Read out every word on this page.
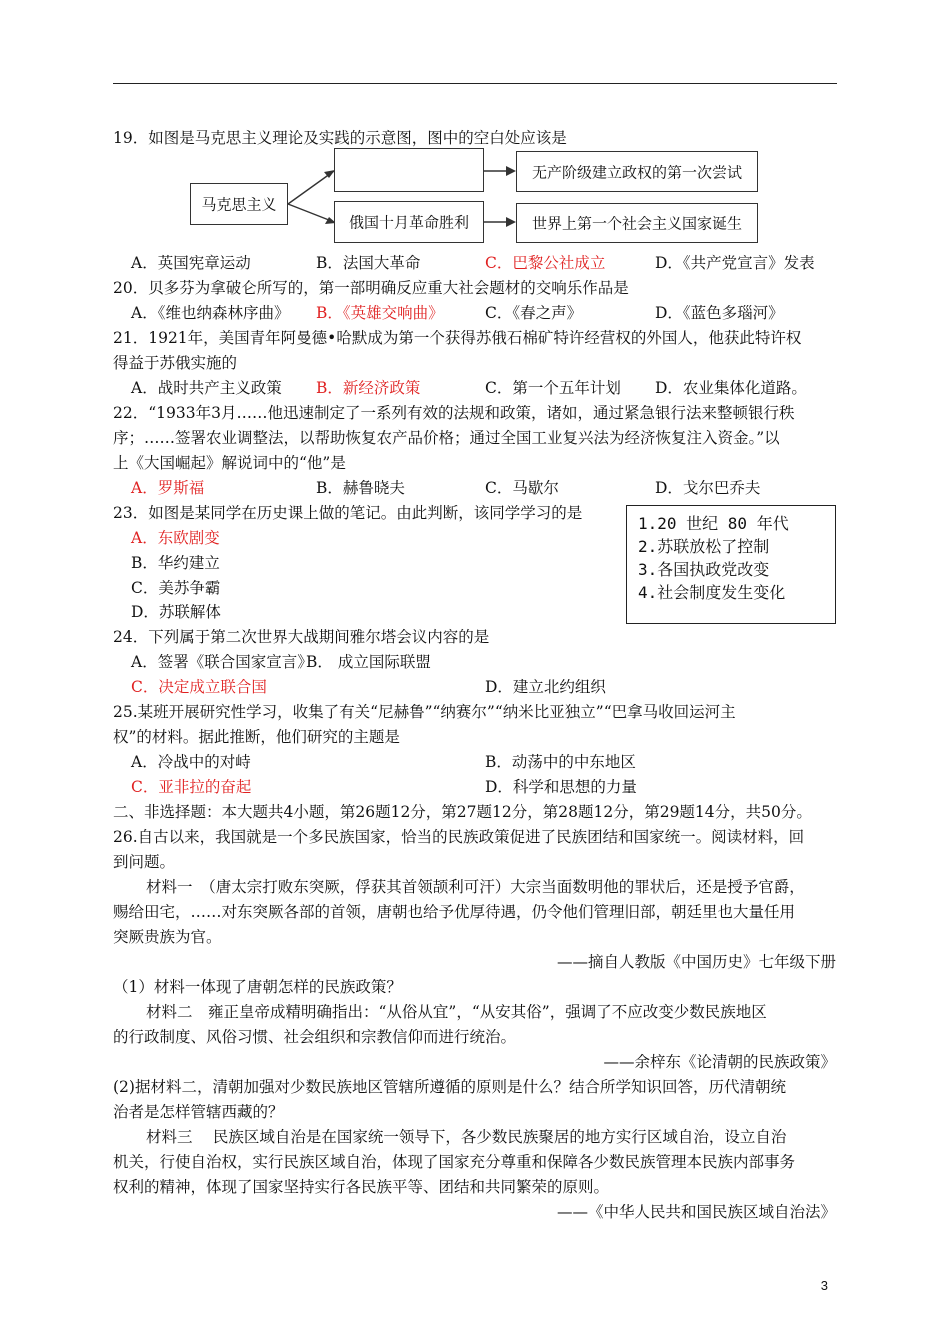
19．如图是马克思主义理论及实践的示意图，图中的空白处应该是
马克思主义
俄国十月革命胜利
无产阶级建立政权的第一次尝试
世界上第一个社会主义国家诞生
A．英国宪章运动	B．法国大革命	C．巴黎公社成立	D．《共产党宣言》发表
20．贝多芬为拿破仑所写的，第一部明确反应重大社会题材的交响乐作品是
A．《维也纳森林序曲》 B．《英雄交响曲》	C．《春之声》	D．《蓝色多瑙河》
21．1921年，美国青年阿曼德•哈默成为第一个获得苏俄石棉矿特许经营权的外国人，他获此特许权
得益于苏俄实施的
A．战时共产主义政策 B．新经济政策	C．第一个五年计划 D．农业集体化道路。
22．“1933年3月……他迅速制定了一系列有效的法规和政策，诸如，通过紧急银行法来整顿银行秩
序；……签署农业调整法，以帮助恢复农产品价格；通过全国工业复兴法为经济恢复注入资金。”以
上《大国崛起》解说词中的“他”是
A．罗斯福	B．赫鲁晓夫	C．马歇尔	D．戈尔巴乔夫
23．如图是某同学在历史课上做的笔记。由此判断，该同学学习的是
A．东欧剧变
B．华约建立
C．美苏争霸
D．苏联解体
1.20 世纪 80 年代
2.苏联放松了控制
3.各国执政党改变
4.社会制度发生变化
24．下列属于第二次世界大战期间雅尔塔会议内容的是
A．签署《联合国家宣言》
B． 成立国际联盟
C．决定成立联合国	D．建立北约组织
25.某班开展研究性学习，收集了有关“尼赫鲁”“纳赛尔”“纳米比亚独立”“巴拿马收回运河主
权”的材料。据此推断，他们研究的主题是
A．冷战中的对峙	B．动荡中的中东地区
C．亚非拉的奋起	D．科学和思想的力量
二、非选择题：本大题共4小题，第26题12分，第27题12分，第28题12分，第29题14分，共50分。
26.自古以来，我国就是一个多民族国家，恰当的民族政策促进了民族团结和国家统一。阅读材料，回
到问题。
材料一　（唐太宗打败东突厥，俘获其首领颉利可汗）大宗当面数明他的罪状后，还是授予官爵，
赐给田宅，……对东突厥各部的首领，唐朝也给予优厚待遇，仍令他们管理旧部，朝廷里也大量任用
突厥贵族为官。
——摘自人教版《中国历史》七年级下册
（1）材料一体现了唐朝怎样的民族政策？
材料二　雍正皇帝成精明确指出：“从俗从宜”，“从安其俗”，强调了不应改变少数民族地区
的行政制度、风俗习惯、社会组织和宗教信仰而进行统治。
——余梓东《论清朝的民族政策》
(2)据材料二，清朝加强对少数民族地区管辖所遵循的原则是什么？结合所学知识回答，历代清朝统
治者是怎样管辖西藏的？
材料三　 民族区域自治是在国家统一领导下，各少数民族聚居的地方实行区域自治，设立自治
机关，行使自治权，实行民族区域自治，体现了国家充分尊重和保障各少数民族管理本民族内部事务
权利的精神，体现了国家坚持实行各民族平等、团结和共同繁荣的原则。
——《中华人民共和国民族区域自治法》
3
